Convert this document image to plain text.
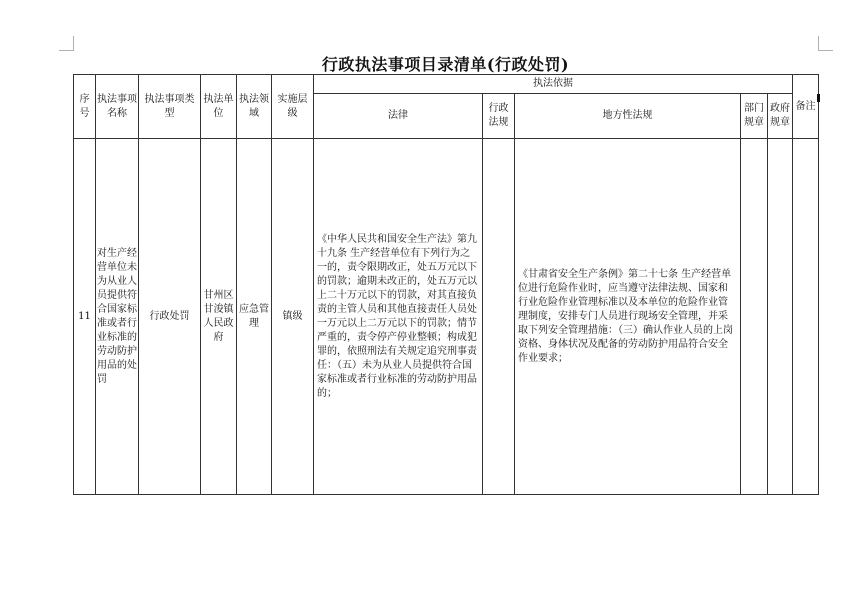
行政执法事项目录清单(行政处罚)
序号	执法事项名称	执法事项类型	执法单位	执法领域	实施层级	执法依据					备注
						法律	行政法规	地方性法规	部门规章	政府规章	
11	对生产经营单位未为从业人员提供符合国家标准或者行业标准的劳动防护用品的处罚	行政处罚	甘州区甘浚镇人民政府	应急管理	镇级	《中华人民共和国安全生产法》第九十九条 生产经营单位有下列行为之一的，责令限期改正，处五万元以下的罚款；逾期未改正的，处五万元以上二十万元以下的罚款，对其直接负责的主管人员和其他直接责任人员处一万元以上二万元以下的罚款；情节严重的，责令停产停业整顿；构成犯罪的，依照刑法有关规定追究刑事责任：（五）未为从业人员提供符合国家标准或者行业标准的劳动防护用品的；		《甘肃省安全生产条例》第二十七条 生产经营单位进行危险作业时，应当遵守法律法规、国家和行业危险作业管理标准以及本单位的危险作业管理制度，安排专门人员进行现场安全管理，并采取下列安全管理措施：（三）确认作业人员的上岗资格、身体状况及配备的劳动防护用品符合安全作业要求；			
